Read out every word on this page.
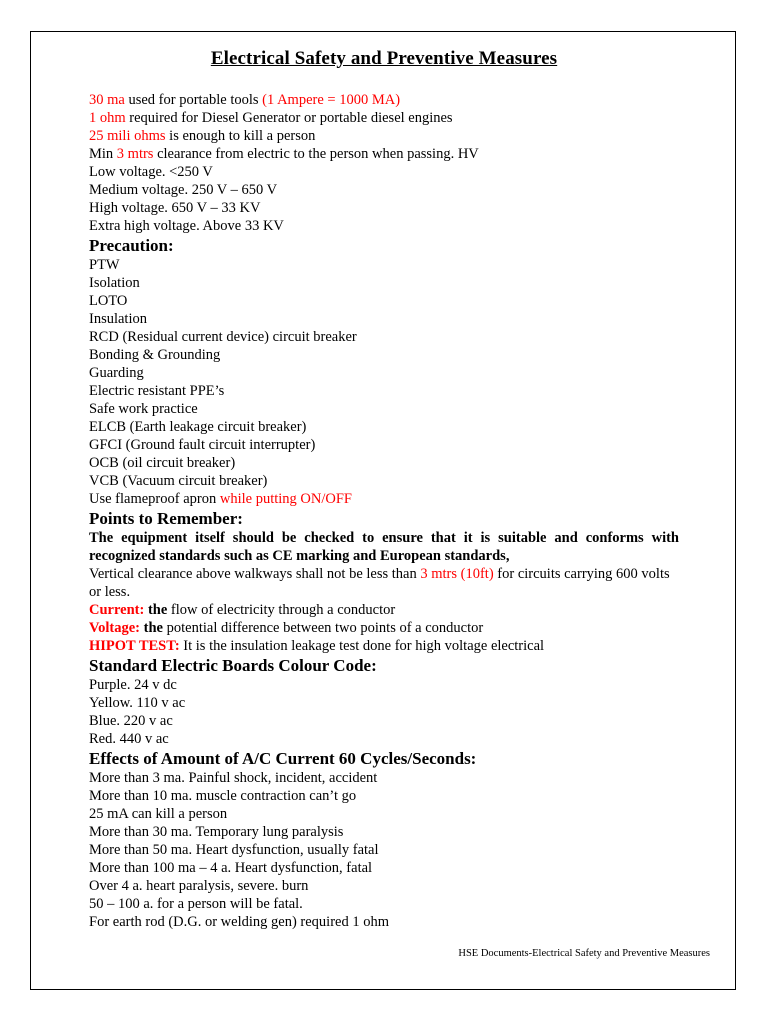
Electrical Safety and Preventive Measures
30 ma used for portable tools (1 Ampere = 1000 MA)
1 ohm required for Diesel Generator or portable diesel engines
25 mili ohms is enough to kill a person
Min 3 mtrs clearance from electric to the person when passing. HV
Low voltage. <250 V
Medium voltage. 250 V – 650 V
High voltage. 650 V – 33 KV
Extra high voltage. Above 33 KV
Precaution:
PTW
Isolation
LOTO
Insulation
RCD (Residual current device) circuit breaker
Bonding & Grounding
Guarding
Electric resistant PPE’s
Safe work practice
ELCB (Earth leakage circuit breaker)
GFCI (Ground fault circuit interrupter)
OCB (oil circuit breaker)
VCB (Vacuum circuit breaker)
Use flameproof apron while putting ON/OFF
Points to Remember:
The equipment itself should be checked to ensure that it is suitable and conforms with recognized standards such as CE marking and European standards,
Vertical clearance above walkways shall not be less than 3 mtrs (10ft) for circuits carrying 600 volts or less.
Current: the flow of electricity through a conductor
Voltage: the potential difference between two points of a conductor
HIPOT TEST: It is the insulation leakage test done for high voltage electrical
Standard Electric Boards Colour Code:
Purple. 24 v dc
Yellow. 110 v ac
Blue. 220 v ac
Red. 440 v ac
Effects of Amount of A/C Current 60 Cycles/Seconds:
More than 3 ma. Painful shock, incident, accident
More than 10 ma. muscle contraction can’t go
25 mA can kill a person
More than 30 ma. Temporary lung paralysis
More than 50 ma. Heart dysfunction, usually fatal
More than 100 ma – 4 a. Heart dysfunction, fatal
Over 4 a. heart paralysis, severe. burn
50 – 100 a. for a person will be fatal.
For earth rod (D.G. or welding gen) required 1 ohm
HSE Documents-Electrical Safety and Preventive Measures
